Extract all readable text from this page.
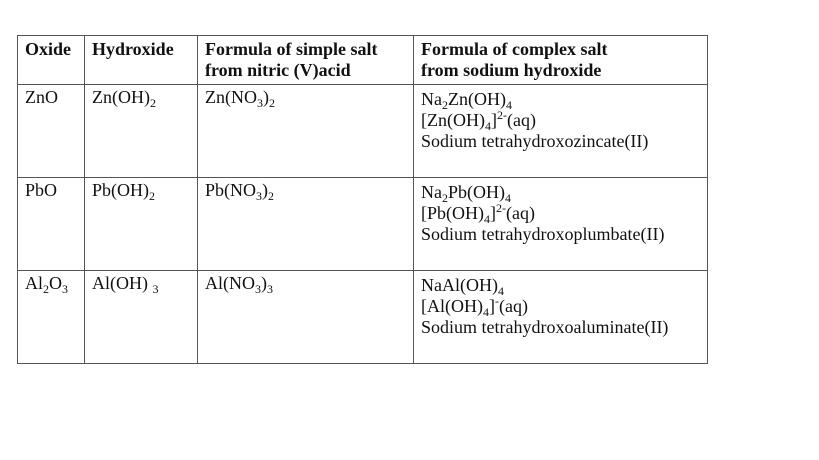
Oxide	Hydroxide	Formula of simple salt
from nitric (V)acid	Formula of complex salt
from sodium hydroxide

ZnO	$Zn(OH)_2$	$Zn(NO_3)_2$	$Na_2Zn(OH)_4$
$[Zn(OH)_4]^{2-}(aq)$
Sodium tetrahydroxozincate(II)

PbO	$Pb(OH)_2$	$Pb(NO_3)_2$	$Na_2Pb(OH)_4$
$[Pb(OH)_4]^{2-}(aq)$
Sodium tetrahydroxoplumbate(II)

$Al_2O_3$	Al(OH) $_3$	$Al(NO_3)_3$	$NaAl(OH)_4$
$[Al(OH)_4]^-(aq)$
Sodium tetrahydroxoaluminate(II)
